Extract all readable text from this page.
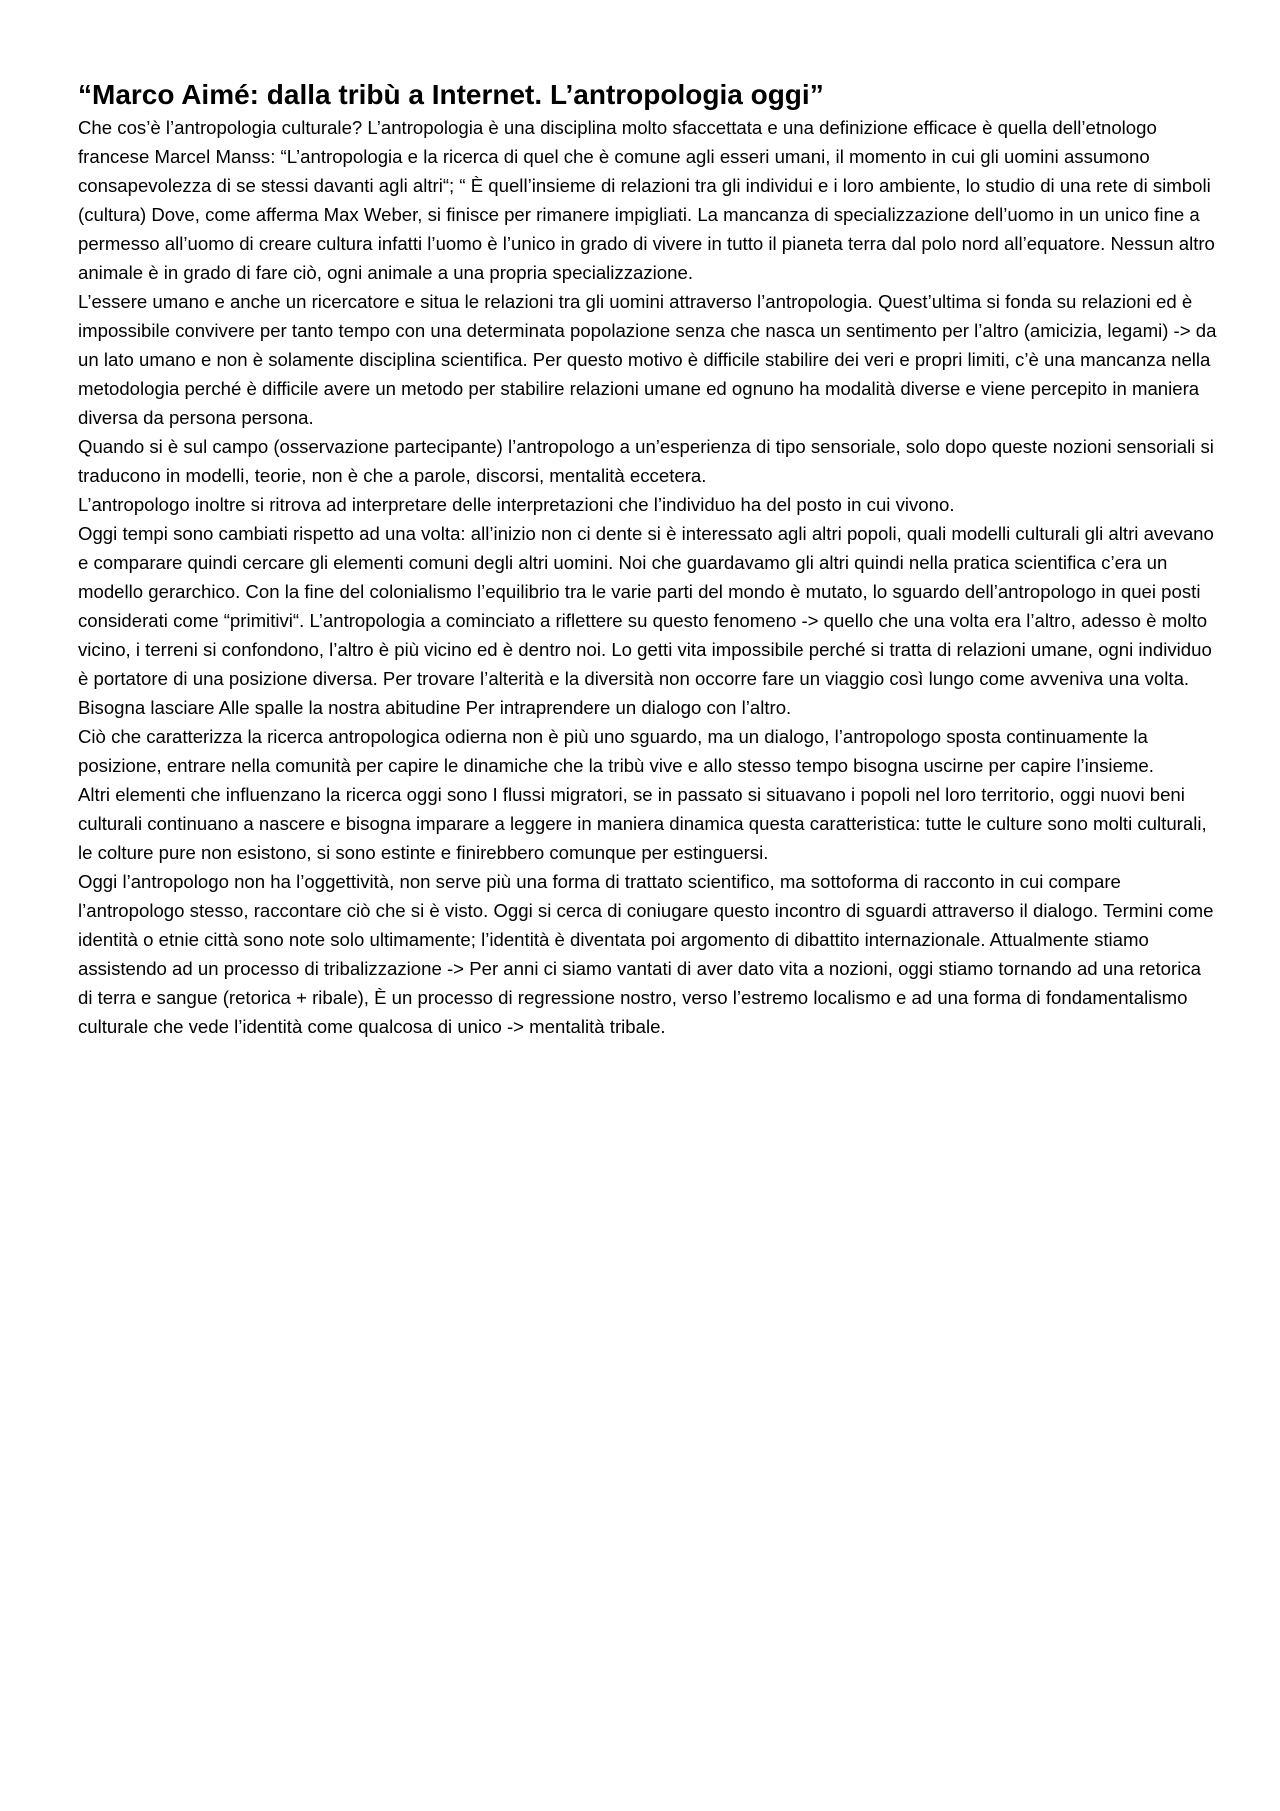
“Marco Aimé: dalla tribù a Internet. L’antropologia oggi”

Che cos’è l’antropologia culturale? L’antropologia è una disciplina molto sfaccettata e una definizione efficace è quella dell’etnologo francese Marcel Manss: “L’antropologia e la ricerca di quel che è comune agli esseri umani, il momento in cui gli uomini assumono consapevolezza di se stessi davanti agli altri“; “ È quell’insieme di relazioni tra gli individui e i loro ambiente, lo studio di una rete di simboli (cultura) Dove, come afferma Max Weber, si finisce per rimanere impigliati. La mancanza di specializzazione dell’uomo in un unico fine a permesso all’uomo di creare cultura infatti l’uomo è l’unico in grado di vivere in tutto il pianeta terra dal polo nord all’equatore. Nessun altro animale è in grado di fare ciò, ogni animale a una propria specializzazione.

L’essere umano e anche un ricercatore e situa le relazioni tra gli uomini attraverso l’antropologia. Quest’ultima si fonda su relazioni ed è impossibile convivere per tanto tempo con una determinata popolazione senza che nasca un sentimento per l’altro (amicizia, legami) -> da un lato umano e non è solamente disciplina scientifica. Per questo motivo è difficile stabilire dei veri e propri limiti, c’è una mancanza nella metodologia perché è difficile avere un metodo per stabilire relazioni umane ed ognuno ha modalità diverse e viene percepito in maniera diversa da persona persona.

Quando si è sul campo (osservazione partecipante) l’antropologo a un’esperienza di tipo sensoriale, solo dopo queste nozioni sensoriali si traducono in modelli, teorie, non è che a parole, discorsi, mentalità eccetera.

L’antropologo inoltre si ritrova ad interpretare delle interpretazioni che l’individuo ha del posto in cui vivono.

Oggi tempi sono cambiati rispetto ad una volta: all’inizio non ci dente si è interessato agli altri popoli, quali modelli culturali gli altri avevano e comparare quindi cercare gli elementi comuni degli altri uomini. Noi che guardavamo gli altri quindi nella pratica scientifica c’era un modello gerarchico. Con la fine del colonialismo l’equilibrio tra le varie parti del mondo è mutato, lo sguardo dell’antropologo in quei posti considerati come “primitivi“. L’antropologia a cominciato a riflettere su questo fenomeno -> quello che una volta era l’altro, adesso è molto vicino, i terreni si confondono, l’altro è più vicino ed è dentro noi. Lo getti vita impossibile perché si tratta di relazioni umane, ogni individuo è portatore di una posizione diversa. Per trovare l’alterità e la diversità non occorre fare un viaggio così lungo come avveniva una volta. Bisogna lasciare Alle spalle la nostra abitudine Per intraprendere un dialogo con l’altro.

Ciò che caratterizza la ricerca antropologica odierna non è più uno sguardo, ma un dialogo, l’antropologo sposta continuamente la posizione, entrare nella comunità per capire le dinamiche che la tribù vive e allo stesso tempo bisogna uscirne per capire l’insieme.

Altri elementi che influenzano la ricerca oggi sono I flussi migratori, se in passato si situavano i popoli nel loro territorio, oggi nuovi beni culturali continuano a nascere e bisogna imparare a leggere in maniera dinamica questa caratteristica: tutte le culture sono molti culturali, le colture pure non esistono, si sono estinte e finirebbero comunque per estinguersi.

Oggi l’antropologo non ha l’oggettività, non serve più una forma di trattato scientifico, ma sottoforma di racconto in cui compare l’antropologo stesso, raccontare ciò che si è visto. Oggi si cerca di coniugare questo incontro di sguardi attraverso il dialogo. Termini come identità o etnie città sono note solo ultimamente; l’identità è diventata poi argomento di dibattito internazionale. Attualmente stiamo assistendo ad un processo di tribalizzazione -> Per anni ci siamo vantati di aver dato vita a nozioni, oggi stiamo tornando ad una retorica di terra e sangue (retorica + ribale), È un processo di regressione nostro, verso l’estremo localismo e ad una forma di fondamentalismo culturale che vede l’identità come qualcosa di unico -> mentalità tribale.
